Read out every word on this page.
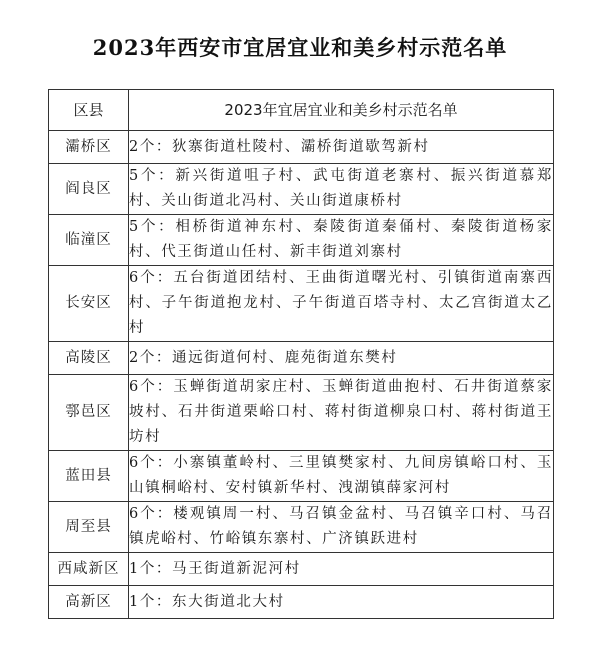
2023年西安市宜居宜业和美乡村示范名单
区县	2023年宜居宜业和美乡村示范名单
灞桥区	2个：狄寨街道杜陵村、灞桥街道歇驾新村
阎良区	5个：新兴街道咀子村、武屯街道老寨村、振兴街道慕郑村、关山街道北冯村、关山街道康桥村
临潼区	5个：相桥街道神东村、秦陵街道秦俑村、秦陵街道杨家村、代王街道山任村、新丰街道刘寨村
长安区	6个：五台街道团结村、王曲街道曙光村、引镇街道南寨西村、子午街道抱龙村、子午街道百塔寺村、太乙宫街道太乙村
高陵区	2个：通远街道何村、鹿苑街道东樊村
鄠邑区	6个：玉蝉街道胡家庄村、玉蝉街道曲抱村、石井街道蔡家坡村、石井街道栗峪口村、蒋村街道柳泉口村、蒋村街道王坊村
蓝田县	6个：小寨镇董岭村、三里镇樊家村、九间房镇峪口村、玉山镇桐峪村、安村镇新华村、洩湖镇薛家河村
周至县	6个：楼观镇周一村、马召镇金盆村、马召镇辛口村、马召镇虎峪村、竹峪镇东寨村、广济镇跃进村
西咸新区	1个：马王街道新泥河村
高新区	1个：东大街道北大村
